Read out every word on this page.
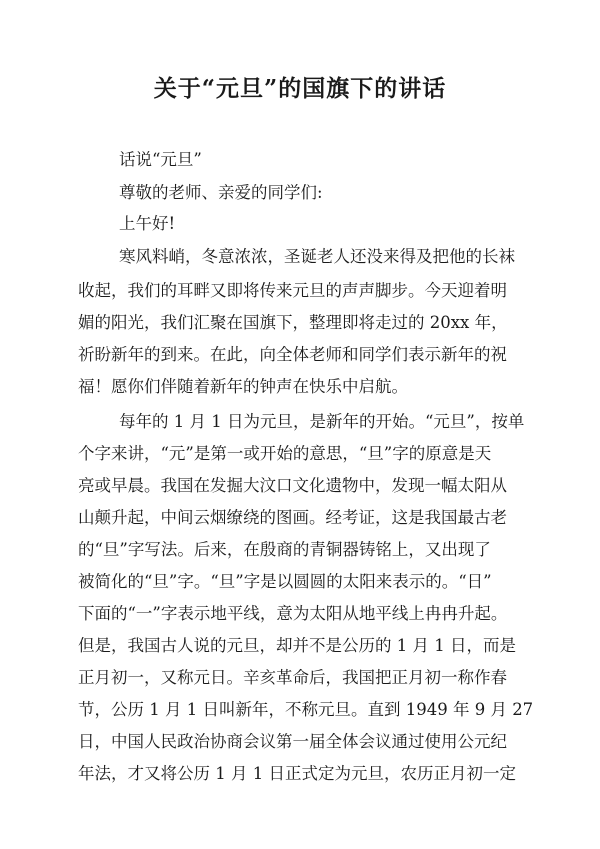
关于“元旦”的国旗下的讲话

话说“元旦”

尊敬的老师、亲爱的同学们:

上午好!

寒风料峭，冬意浓浓，圣诞老人还没来得及把他的长袜

收起，我们的耳畔又即将传来元旦的声声脚步。今天迎着明

媚的阳光，我们汇聚在国旗下，整理即将走过的 20xx 年，

祈盼新年的到来。在此，向全体老师和同学们表示新年的祝

福！愿你们伴随着新年的钟声在快乐中启航。

每年的 1 月 1 日为元旦，是新年的开始。“元旦”，按单

个字来讲，“元”是第一或开始的意思，“旦”字的原意是天

亮或早晨。我国在发掘大汶口文化遗物中，发现一幅太阳从

山颠升起，中间云烟缭绕的图画。经考证，这是我国最古老

的“旦”字写法。后来，在殷商的青铜器铸铭上，又出现了

被简化的“旦”字。“旦”字是以圆圆的太阳来表示的。“日”

下面的“一”字表示地平线，意为太阳从地平线上冉冉升起。

但是，我国古人说的元旦，却并不是公历的 1 月 1 日，而是

正月初一，又称元日。辛亥革命后，我国把正月初一称作春

节，公历 1 月 1 日叫新年，不称元旦。直到 1949 年 9 月 27

日，中国人民政治协商会议第一届全体会议通过使用公元纪

年法，才又将公历 1 月 1 日正式定为元旦，农历正月初一定
